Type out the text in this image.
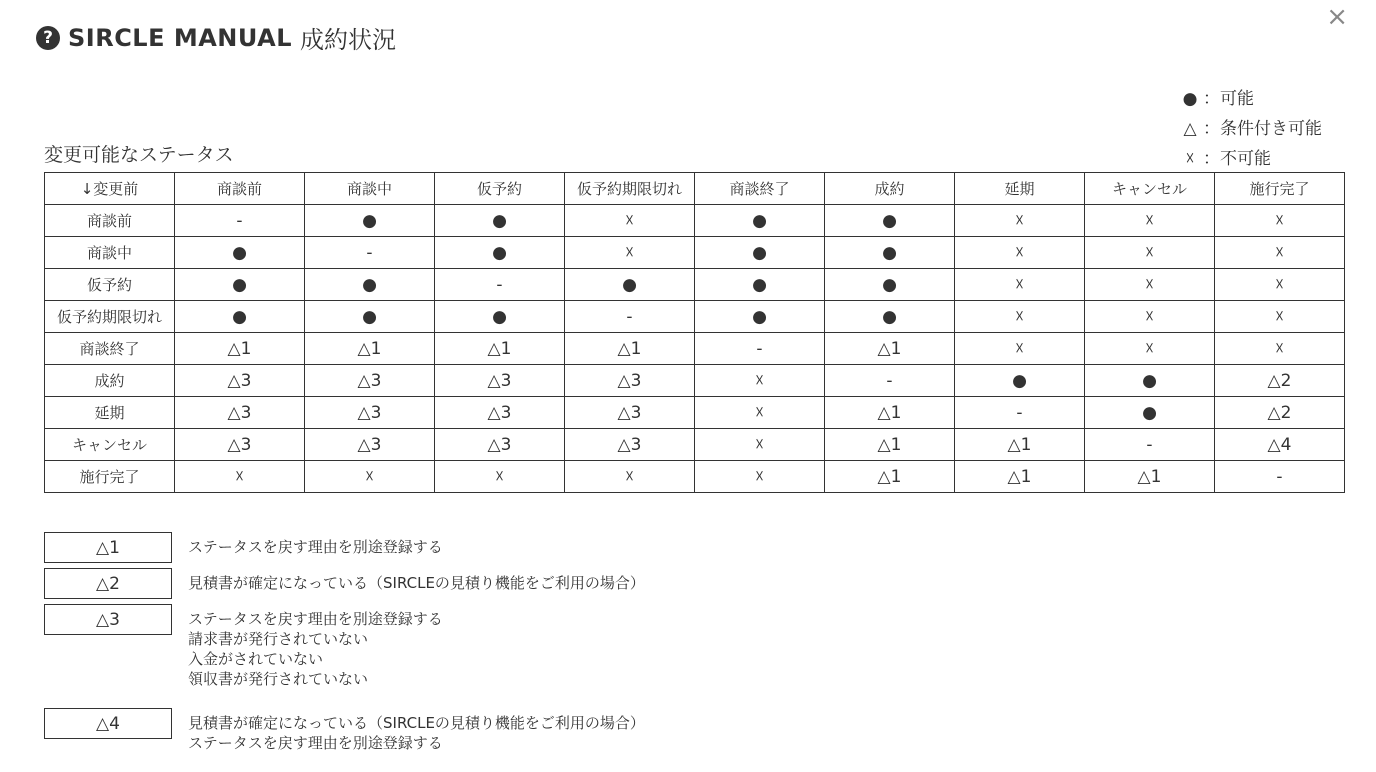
? SIRCLE MANUAL 成約状況
×
● ：可能
△ ：条件付き可能
☓ ：不可能
変更可能なステータス
↓変更前	商談前	商談中	仮予約	仮予約期限切れ	商談終了	成約	延期	キャンセル	施行完了
商談前	-	●	●	☓	●	●	☓	☓	☓
商談中	●	-	●	☓	●	●	☓	☓	☓
仮予約	●	●	-	●	●	●	☓	☓	☓
仮予約期限切れ	●	●	●	-	●	●	☓	☓	☓
商談終了	△1	△1	△1	△1	-	△1	☓	☓	☓
成約	△3	△3	△3	△3	☓	-	●	●	△2
延期	△3	△3	△3	△3	☓	△1	-	●	△2
キャンセル	△3	△3	△3	△3	☓	△1	△1	-	△4
施行完了	☓	☓	☓	☓	☓	△1	△1	△1	-
△1	ステータスを戻す理由を別途登録する
△2	見積書が確定になっている（SIRCLEの見積り機能をご利用の場合）
△3	ステータスを戻す理由を別途登録する
請求書が発行されていない
入金がされていない
領収書が発行されていない
△4	見積書が確定になっている（SIRCLEの見積り機能をご利用の場合）
ステータスを戻す理由を別途登録する
